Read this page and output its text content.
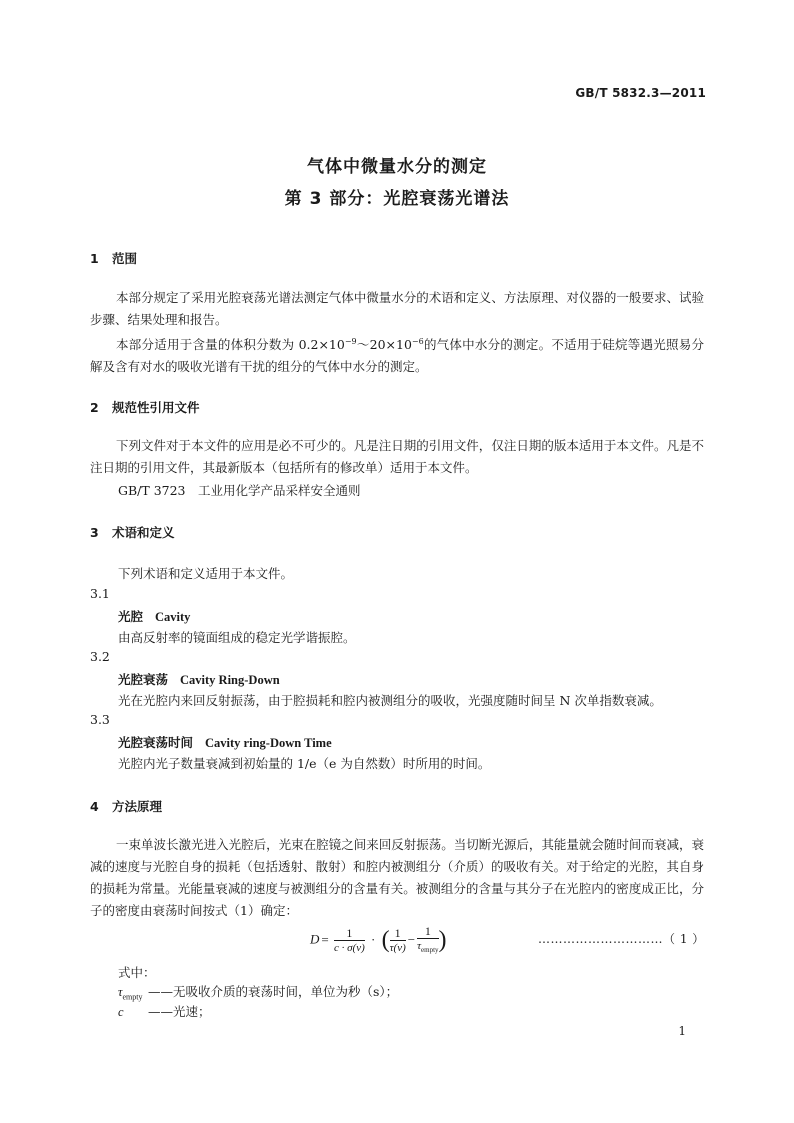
GB/T 5832.3—2011
气体中微量水分的测定
第 3 部分：光腔衰荡光谱法
1 范围
本部分规定了采用光腔衰荡光谱法测定气体中微量水分的术语和定义、方法原理、对仪器的一般要求、试验步骤、结果处理和报告。
本部分适用于含量的体积分数为 $0.2\times 10^{-9}\sim 20\times 10^{-6}$的气体中水分的测定。不适用于硅烷等遇光照易分解及含有对水的吸收光谱有干扰的组分的气体中水分的测定。
2 规范性引用文件
下列文件对于本文件的应用是必不可少的。凡是注日期的引用文件，仅注日期的版本适用于本文件。凡是不注日期的引用文件，其最新版本（包括所有的修改单）适用于本文件。
GB/T 3723　工业用化学产品采样安全通则
3 术语和定义
下列术语和定义适用于本文件。
3.1
光腔 Cavity
由高反射率的镜面组成的稳定光学谐振腔。
3.2
光腔衰荡 Cavity Ring-Down
光在光腔内来回反射振荡，由于腔损耗和腔内被测组分的吸收，光强度随时间呈 N 次单指数衰减。
3.3
光腔衰荡时间 Cavity ring-Down Time
光腔内光子数量衰减到初始量的 1/e（e 为自然数）时所用的时间。
4 方法原理
一束单波长激光进入光腔后，光束在腔镜之间来回反射振荡。当切断光源后，其能量就会随时间而衰减，衰减的速度与光腔自身的损耗（包括透射、散射）和腔内被测组分（介质）的吸收有关。对于给定的光腔，其自身的损耗为常量。光能量衰减的速度与被测组分的含量有关。被测组分的含量与其分子在光腔内的密度成正比，分子的密度由衰荡时间按式（1）确定：
$D = \frac{1}{c \cdot \sigma(\nu)}$ · ( $\frac{1}{\tau(\nu)} - \frac{1}{\tau_{empty}}$ )	…………………………（ 1 ）
式中：
$\tau_{empty}$ ——无吸收介质的衰荡时间，单位为秒（s）；
c ——光速；
1
